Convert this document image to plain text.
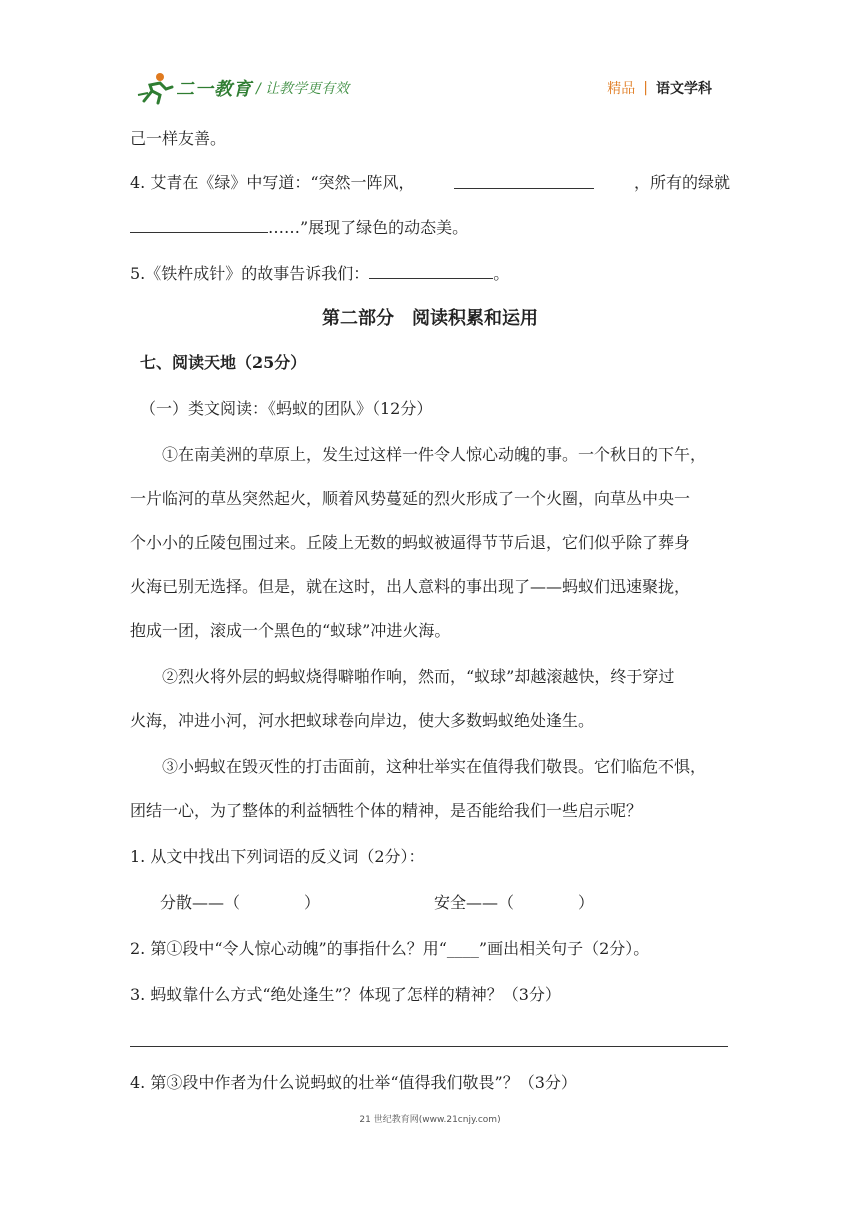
二一教育 / 让教学更有效	精品 | 语文学科
己一样友善。
4. 艾青在《绿》中写道：“突然一阵风，	，所有的绿就
……”展现了绿色的动态美。
5.《铁杵成针》的故事告诉我们：	。
第二部分　阅读积累和运用
七、阅读天地（25分）
（一）类文阅读：《蚂蚁的团队》（12分）
①在南美洲的草原上，发生过这样一件令人惊心动魄的事。一个秋日的下午，
一片临河的草丛突然起火，顺着风势蔓延的烈火形成了一个火圈，向草丛中央一
个小小的丘陵包围过来。丘陵上无数的蚂蚁被逼得节节后退，它们似乎除了葬身
火海已别无选择。但是，就在这时，出人意料的事出现了——蚂蚁们迅速聚拢，
抱成一团，滚成一个黑色的“蚁球”冲进火海。
②烈火将外层的蚂蚁烧得噼啪作响，然而，“蚁球”却越滚越快，终于穿过
火海，冲进小河，河水把蚁球卷向岸边，使大多数蚂蚁绝处逢生。
③小蚂蚁在毁灭性的打击面前，这种壮举实在值得我们敬畏。它们临危不惧，
团结一心，为了整体的利益牺牲个体的精神，是否能给我们一些启示呢？
1. 从文中找出下列词语的反义词（2分）：
分散——（　　　　）	安全——（　　　　）
2. 第①段中“令人惊心动魄”的事指什么？用“____”画出相关句子（2分）。
3. 蚂蚁靠什么方式“绝处逢生”？体现了怎样的精神？（3分）
4. 第③段中作者为什么说蚂蚁的壮举“值得我们敬畏”？（3分）
21 世纪教育网(www.21cnjy.com)
